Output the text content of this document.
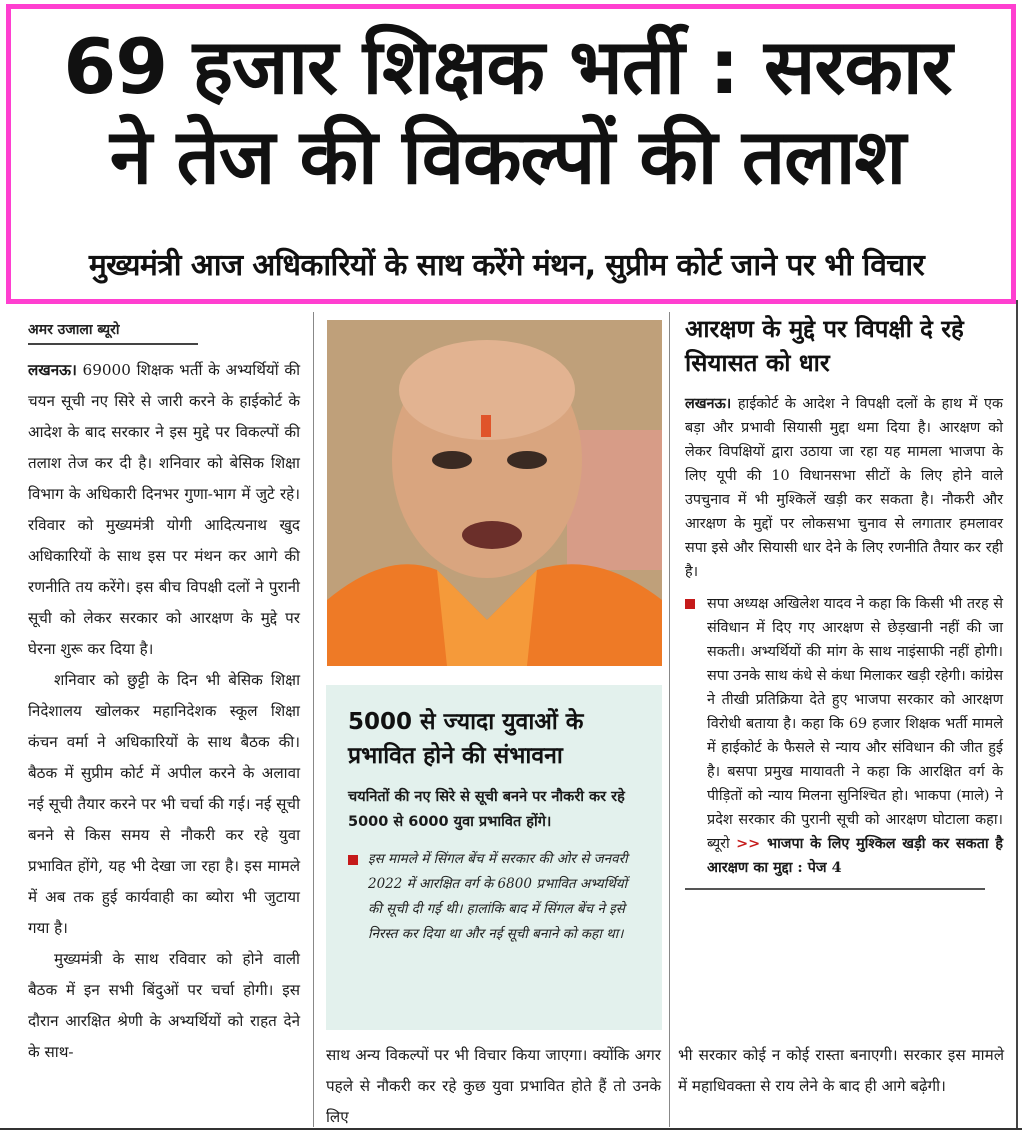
69 हजार शिक्षक भर्ती : सरकार
ने तेज की विकल्पों की तलाश
मुख्यमंत्री आज अधिकारियों के साथ करेंगे मंथन, सुप्रीम कोर्ट जाने पर भी विचार
अमर उजाला ब्यूरो

लखनऊ। 69000 शिक्षक भर्ती के अभ्यर्थियों की चयन सूची नए सिरे से जारी करने के हाईकोर्ट के आदेश के बाद सरकार ने इस मुद्दे पर विकल्पों की तलाश तेज कर दी है। शनिवार को बेसिक शिक्षा विभाग के अधिकारी दिनभर गुणा-भाग में जुटे रहे। रविवार को मुख्यमंत्री योगी आदित्यनाथ खुद अधिकारियों के साथ इस पर मंथन कर आगे की रणनीति तय करेंगे। इस बीच विपक्षी दलों ने पुरानी सूची को लेकर सरकार को आरक्षण के मुद्दे पर घेरना शुरू कर दिया है।

शनिवार को छुट्टी के दिन भी बेसिक शिक्षा निदेशालय खोलकर महानिदेशक स्कूल शिक्षा कंचन वर्मा ने अधिकारियों के साथ बैठक की। बैठक में सुप्रीम कोर्ट में अपील करने के अलावा नई सूची तैयार करने पर भी चर्चा की गई। नई सूची बनने से किस समय से नौकरी कर रहे युवा प्रभावित होंगे, यह भी देखा जा रहा है। इस मामले में अब तक हुई कार्यवाही का ब्योरा भी जुटाया गया है।

मुख्यमंत्री के साथ रविवार को होने वाली बैठक में इन सभी बिंदुओं पर चर्चा होगी। इस दौरान आरक्षित श्रेणी के अभ्यर्थियों को राहत देने के साथ-

5000 से ज्यादा युवाओं के प्रभावित होने की संभावना
चयनितों की नए सिरे से सूची बनने पर नौकरी कर रहे 5000 से 6000 युवा प्रभावित होंगे।
इस मामले में सिंगल बेंच में सरकार की ओर से जनवरी 2022 में आरक्षित वर्ग के 6800 प्रभावित अभ्यर्थियों की सूची दी गई थी। हालांकि बाद में सिंगल बेंच ने इसे निरस्त कर दिया था और नई सूची बनाने को कहा था।
आरक्षण के मुद्दे पर विपक्षी दे रहे सियासत को धार

लखनऊ। हाईकोर्ट के आदेश ने विपक्षी दलों के हाथ में एक बड़ा और प्रभावी सियासी मुद्दा थमा दिया है। आरक्षण को लेकर विपक्षियों द्वारा उठाया जा रहा यह मामला भाजपा के लिए यूपी की 10 विधानसभा सीटों के लिए होने वाले उपचुनाव में भी मुश्किलें खड़ी कर सकता है। नौकरी और आरक्षण के मुद्दों पर लोकसभा चुनाव से लगातार हमलावर सपा इसे और सियासी धार देने के लिए रणनीति तैयार कर रही है।

सपा अध्यक्ष अखिलेश यादव ने कहा कि किसी भी तरह से संविधान में दिए गए आरक्षण से छेड़खानी नहीं की जा सकती। अभ्यर्थियों की मांग के साथ नाइंसाफी नहीं होगी। सपा उनके साथ कंधे से कंधा मिलाकर खड़ी रहेगी। कांग्रेस ने तीखी प्रतिक्रिया देते हुए भाजपा सरकार को आरक्षण विरोधी बताया है। कहा कि 69 हजार शिक्षक भर्ती मामले में हाईकोर्ट के फैसले से न्याय और संविधान की जीत हुई है। बसपा प्रमुख मायावती ने कहा कि आरक्षित वर्ग के पीड़ितों को न्याय मिलना सुनिश्चित हो। भाकपा (माले) ने प्रदेश सरकार की पुरानी सूची को आरक्षण घोटाला कहा। ब्यूरो >> भाजपा के लिए मुश्किल खड़ी कर सकता है आरक्षण का मुद्दा : पेज 4
साथ अन्य विकल्पों पर भी विचार किया जाएगा। क्योंकि अगर पहले से नौकरी कर रहे कुछ युवा प्रभावित होते हैं तो उनके लिए
भी सरकार कोई न कोई रास्ता बनाएगी। सरकार इस मामले में महाधिवक्ता से राय लेने के बाद ही आगे बढ़ेगी।
